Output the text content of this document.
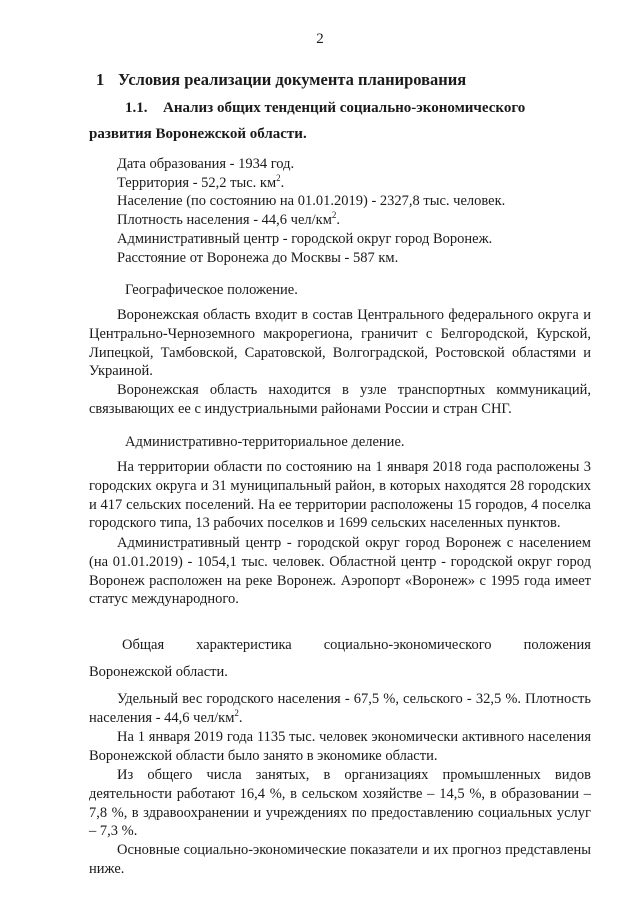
2
1 Условия реализации документа планирования
1.1. Анализ общих тенденций социально-экономического
развития Воронежской области.
Дата образования - 1934 год.
Территория - 52,2 тыс. $км^2$.
Население (по состоянию на 01.01.2019) - 2327,8 тыс. человек.
Плотность населения - 44,6 чел/$км^2$.
Административный центр - городской округ город Воронеж.
Расстояние от Воронежа до Москвы - 587 км.
Географическое положение.

Воронежская область входит в состав Центрального федерального округа и Центрально-Черноземного макрорегиона, граничит с Белгородской, Курской, Липецкой, Тамбовской, Саратовской, Волгоградской, Ростовской областями и Украиной.

Воронежская область находится в узле транспортных коммуникаций, связывающих ее с индустриальными районами России и стран СНГ.

Административно-территориальное деление.

На территории области по состоянию на 1 января 2018 года расположены 3 городских округа и 31 муниципальный район, в которых находятся 28 городских и 417 сельских поселений. На ее территории расположены 15 городов, 4 поселка городского типа, 13 рабочих поселков и 1699 сельских населенных пунктов.

Административный центр - городской округ город Воронеж с населением (на 01.01.2019) - 1054,1 тыс. человек. Областной центр - городской округ город Воронеж расположен на реке Воронеж. Аэропорт «Воронеж» с 1995 года имеет статус международного.

Общая характеристика социально-экономического положения
Воронежской области.

Удельный вес городского населения - 67,5 %, сельского - 32,5 %. Плотность населения - 44,6 чел/$км^2$.

На 1 января 2019 года 1135 тыс. человек экономически активного населения Воронежской области было занято в экономике области.

Из общего числа занятых, в организациях промышленных видов деятельности работают 16,4 %, в сельском хозяйстве – 14,5 %, в образовании – 7,8 %, в здравоохранении и учреждениях по предоставлению социальных услуг – 7,3 %.

Основные социально-экономические показатели и их прогноз представлены ниже.
